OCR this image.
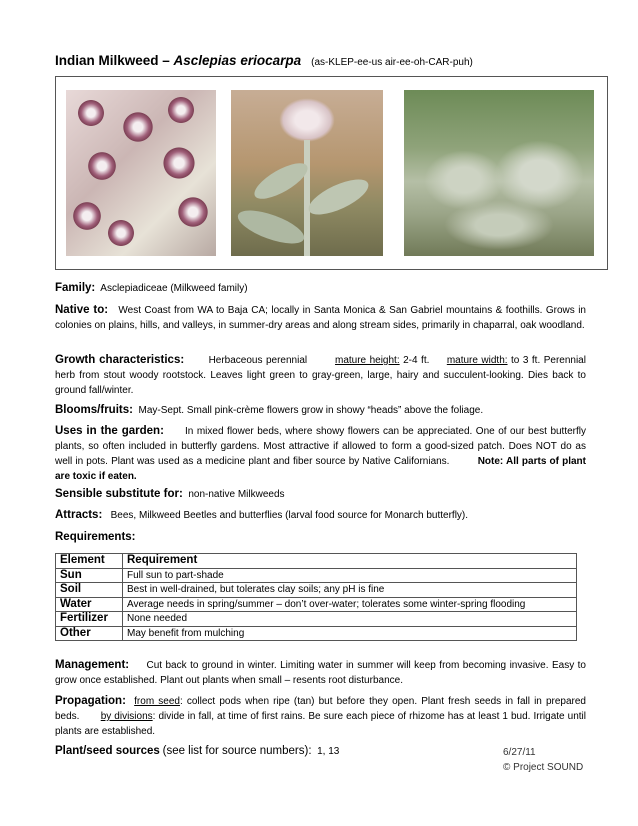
Indian Milkweed – Asclepias eriocarpa (as-KLEP-ee-us air-ee-oh-CAR-puh)
Family: Asclepiadiceae (Milkweed family)
Native to: West Coast from WA to Baja CA; locally in Santa Monica & San Gabriel mountains & foothills. Grows in colonies on plains, hills, and valleys, in summer-dry areas and along stream sides, primarily in chaparral, oak woodland.
Growth characteristics: Herbaceous perennial	mature height: 2-4 ft. mature width: to 3 ft. Perennial herb from stout woody rootstock. Leaves light green to gray-green, large, hairy and succulent-looking. Dies back to ground fall/winter.
Blooms/fruits: May-Sept. Small pink-crème flowers grow in showy “heads” above the foliage.
Uses in the garden: In mixed flower beds, where showy flowers can be appreciated. One of our best butterfly plants, so often included in butterfly gardens. Most attractive if allowed to form a good-sized patch. Does NOT do as well in pots. Plant was used as a medicine plant and fiber source by Native Californians.	Note: All parts of plant are toxic if eaten.
Sensible substitute for: non-native Milkweeds
Attracts: Bees, Milkweed Beetles and butterflies (larval food source for Monarch butterfly).
Requirements:
Element	Requirement
Sun	Full sun to part-shade
Soil	Best in well-drained, but tolerates clay soils; any pH is fine
Water	Average needs in spring/summer – don’t over-water; tolerates some winter-spring flooding
Fertilizer	None needed
Other	May benefit from mulching
Management: Cut back to ground in winter. Limiting water in summer will keep from becoming invasive. Easy to grow once established. Plant out plants when small – resents root disturbance.
Propagation: from seed: collect pods when ripe (tan) but before they open. Plant fresh seeds in fall in prepared beds. by divisions: divide in fall, at time of first rains. Be sure each piece of rhizome has at least 1 bud. Irrigate until plants are established.
Plant/seed sources (see list for source numbers): 1, 13	6/27/11
© Project SOUND
